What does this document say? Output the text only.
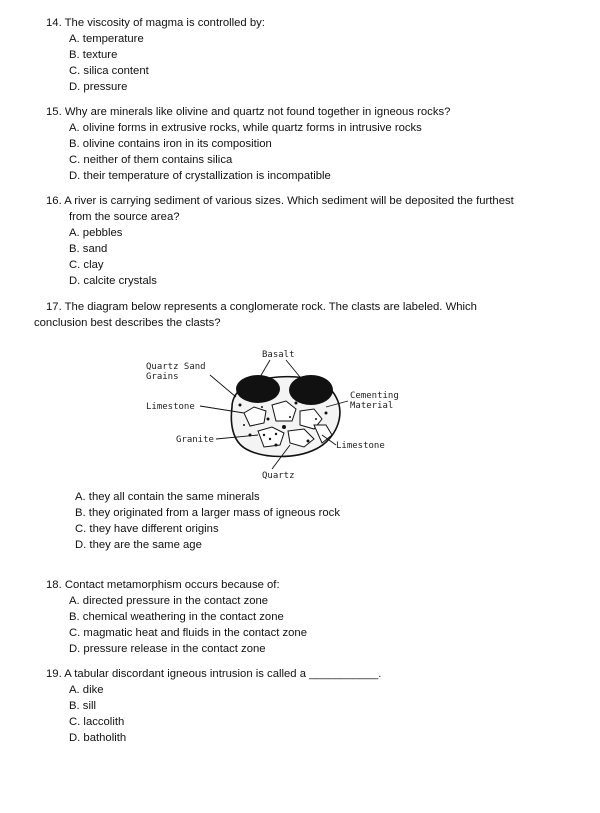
14. The viscosity of magma is controlled by:
A. temperature
B. texture
C. silica content
D. pressure
15. Why are minerals like olivine and quartz not found together in igneous rocks?
A. olivine forms in extrusive rocks, while quartz forms in intrusive rocks
B. olivine contains iron in its composition
C. neither of them contains silica
D. their temperature of crystallization is incompatible
16. A river is carrying sediment of various sizes. Which sediment will be deposited the furthest
from the source area?
A. pebbles
B. sand
C. clay
D. calcite crystals
17. The diagram below represents a conglomerate rock. The clasts are labeled. Which
conclusion best describes the clasts?
A. they all contain the same minerals
B. they originated from a larger mass of igneous rock
C. they have different origins
D. they are the same age
Basalt
Quartz Sand
Grains
Limestone
Cementing
Material
Granite
Limestone
Quartz
18. Contact metamorphism occurs because of:
A. directed pressure in the contact zone
B. chemical weathering in the contact zone
C. magmatic heat and fluids in the contact zone
D. pressure release in the contact zone
19. A tabular discordant igneous intrusion is called a ___________.
A. dike
B. sill
C. laccolith
D. batholith
